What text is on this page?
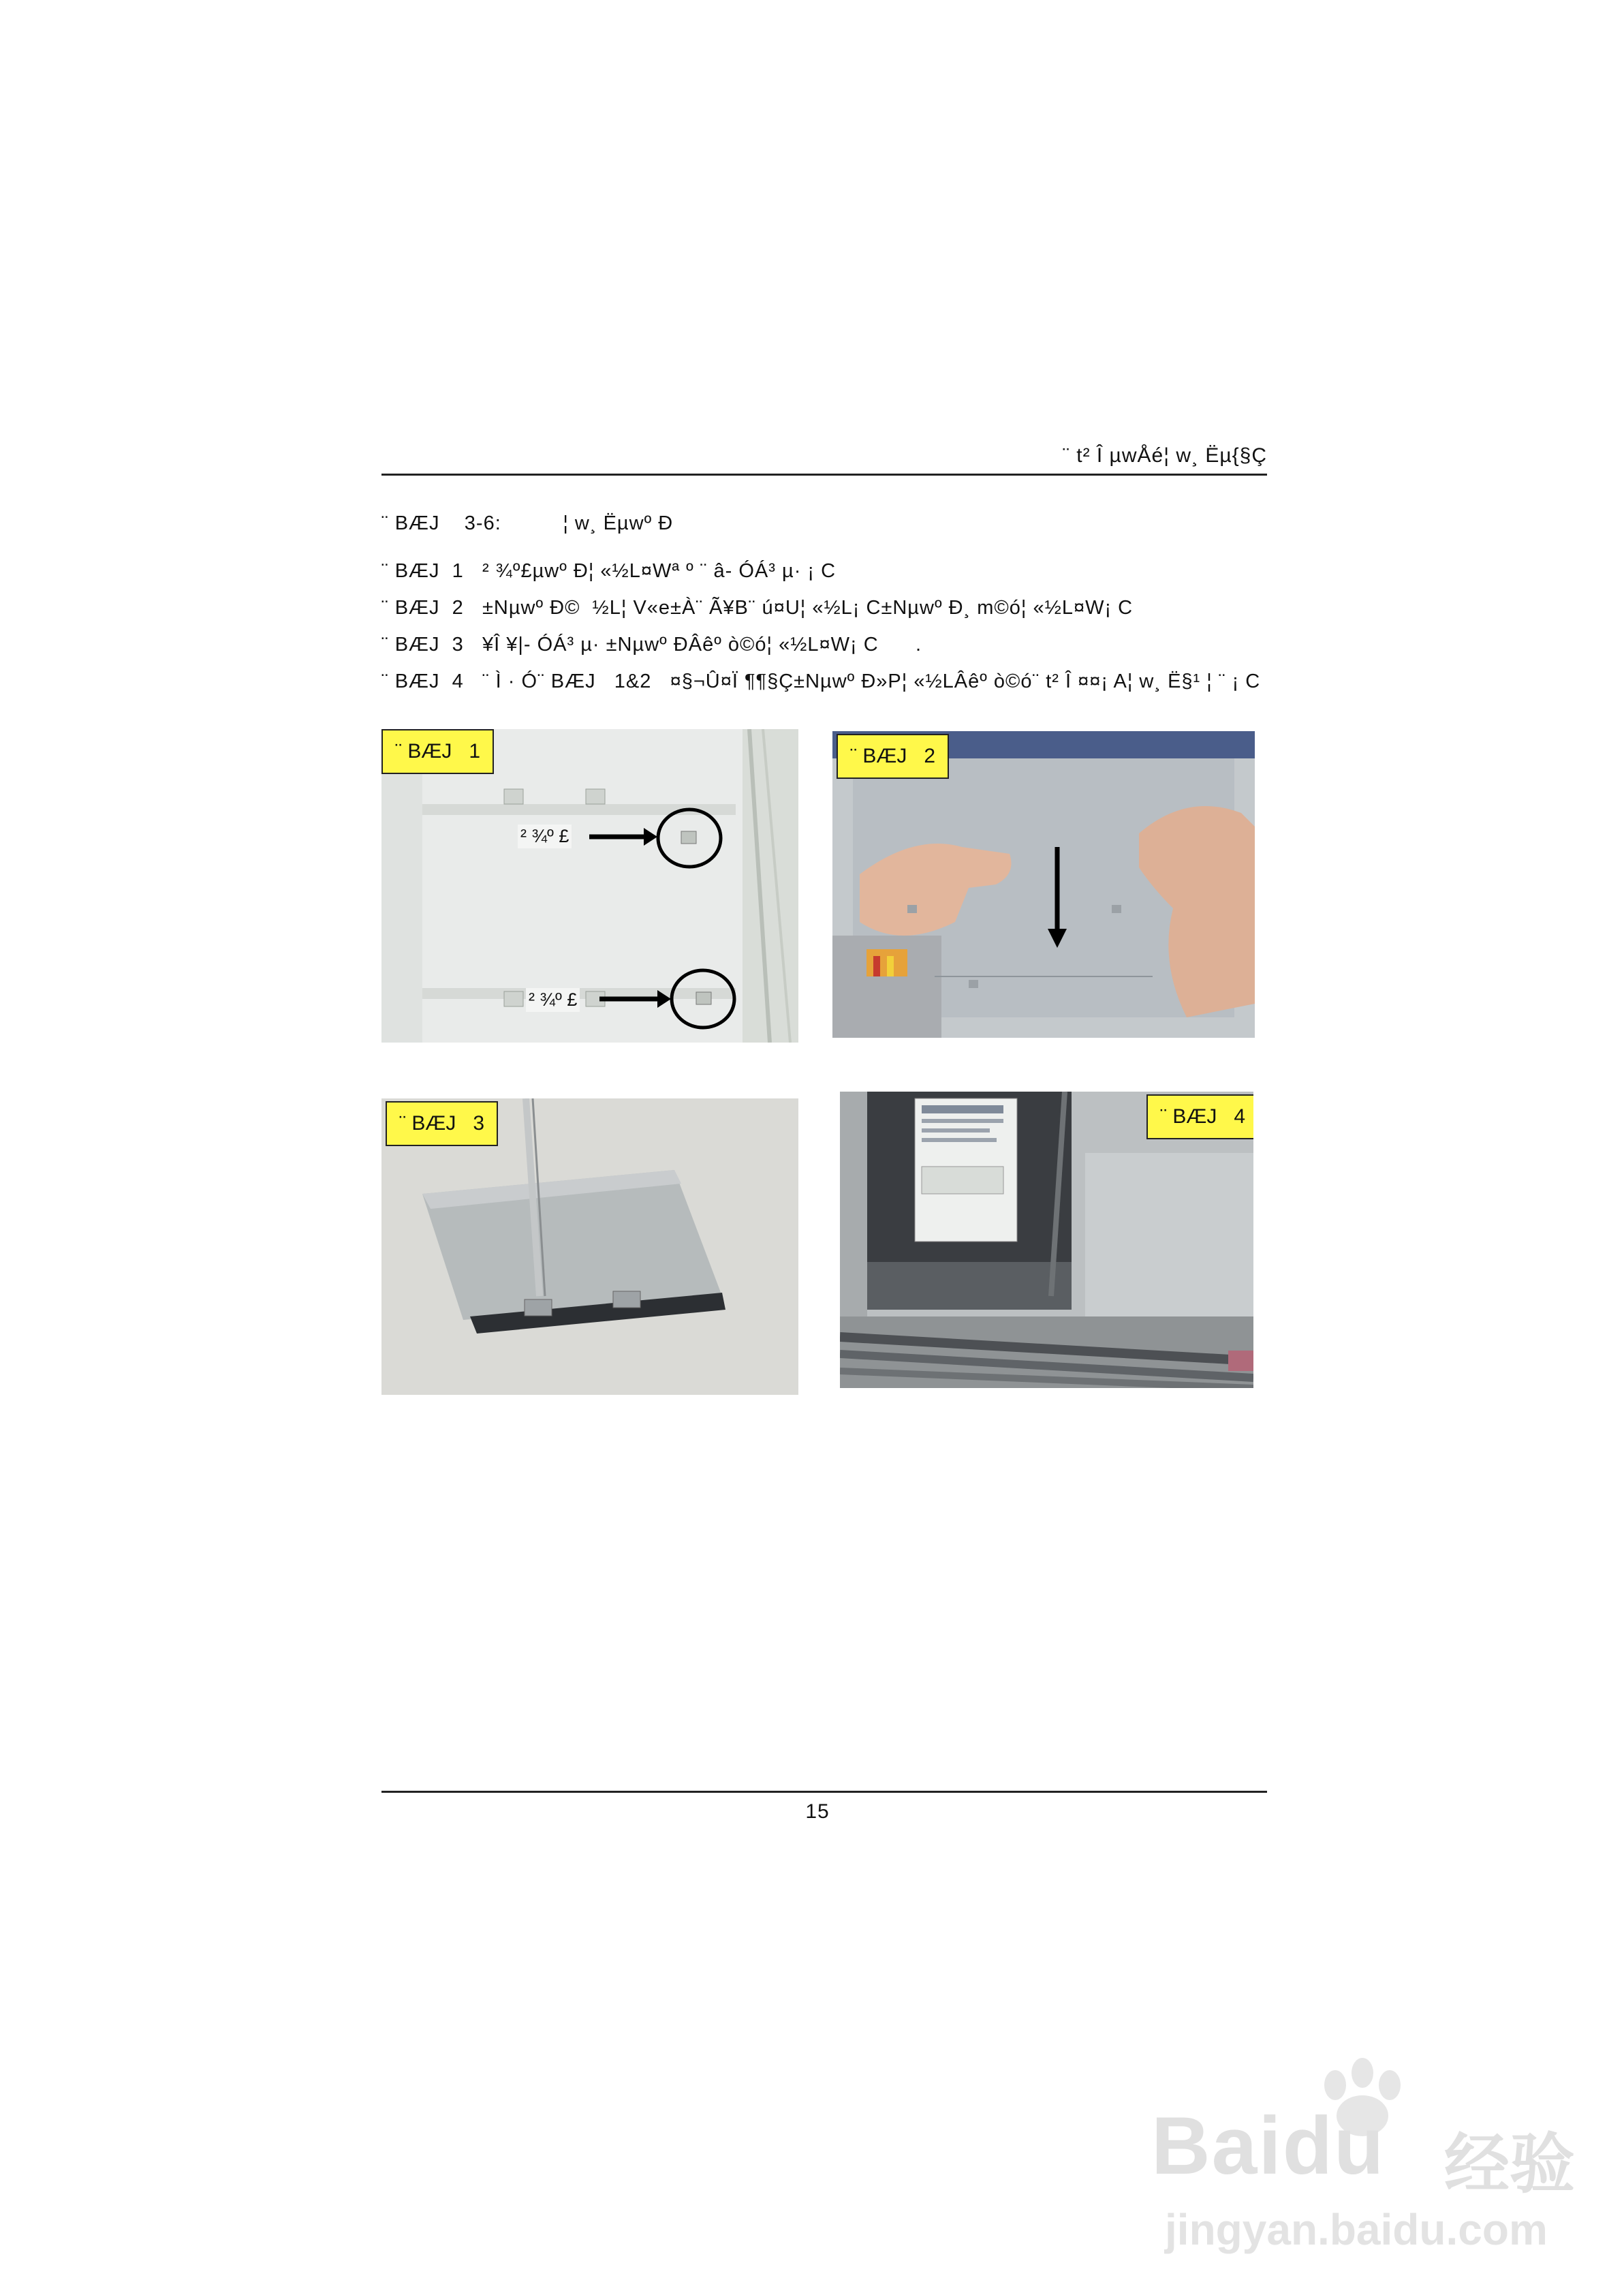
¨ t² Î µwÅé¦ w¸ Ëµ{§Ç
¨ BÆJ    3-6:          ¦ w¸ Ëµwº Ð
¨ BÆJ  1   ² ¾º£µwº Ð¦ «½L¤Wª º ¨ â- ÓÁ³ µ· ¡ C
¨ BÆJ  2   ±Nµwº Ð©  ½L¦ V«e±À¨ Ã¥B¨ ú¤U¦ «½L¡ C±Nµwº Ð¸ m©ó¦ «½L¤W¡ C
¨ BÆJ  3   ¥Î ¥|- ÓÁ³ µ· ±Nµwº ÐÂêº ò©ó¦ «½L¤W¡ C      .
¨ BÆJ  4   ¨ Ì · Ó¨ BÆJ   1&2   ¤§¬Û¤Ï ¶¶§Ç±Nµwº Ð»P¦ «½LÂêº ò©ó¨ t² Î ¤¤¡ A¦ w¸ Ë§¹ ¦ ¨ ¡ C
¨ BÆJ   1
² ¾º £
² ¾º £
¨ BÆJ   2
¨ BÆJ   3	¨ BÆJ   4
15
Baidu 经验
jingyan.baidu.com
